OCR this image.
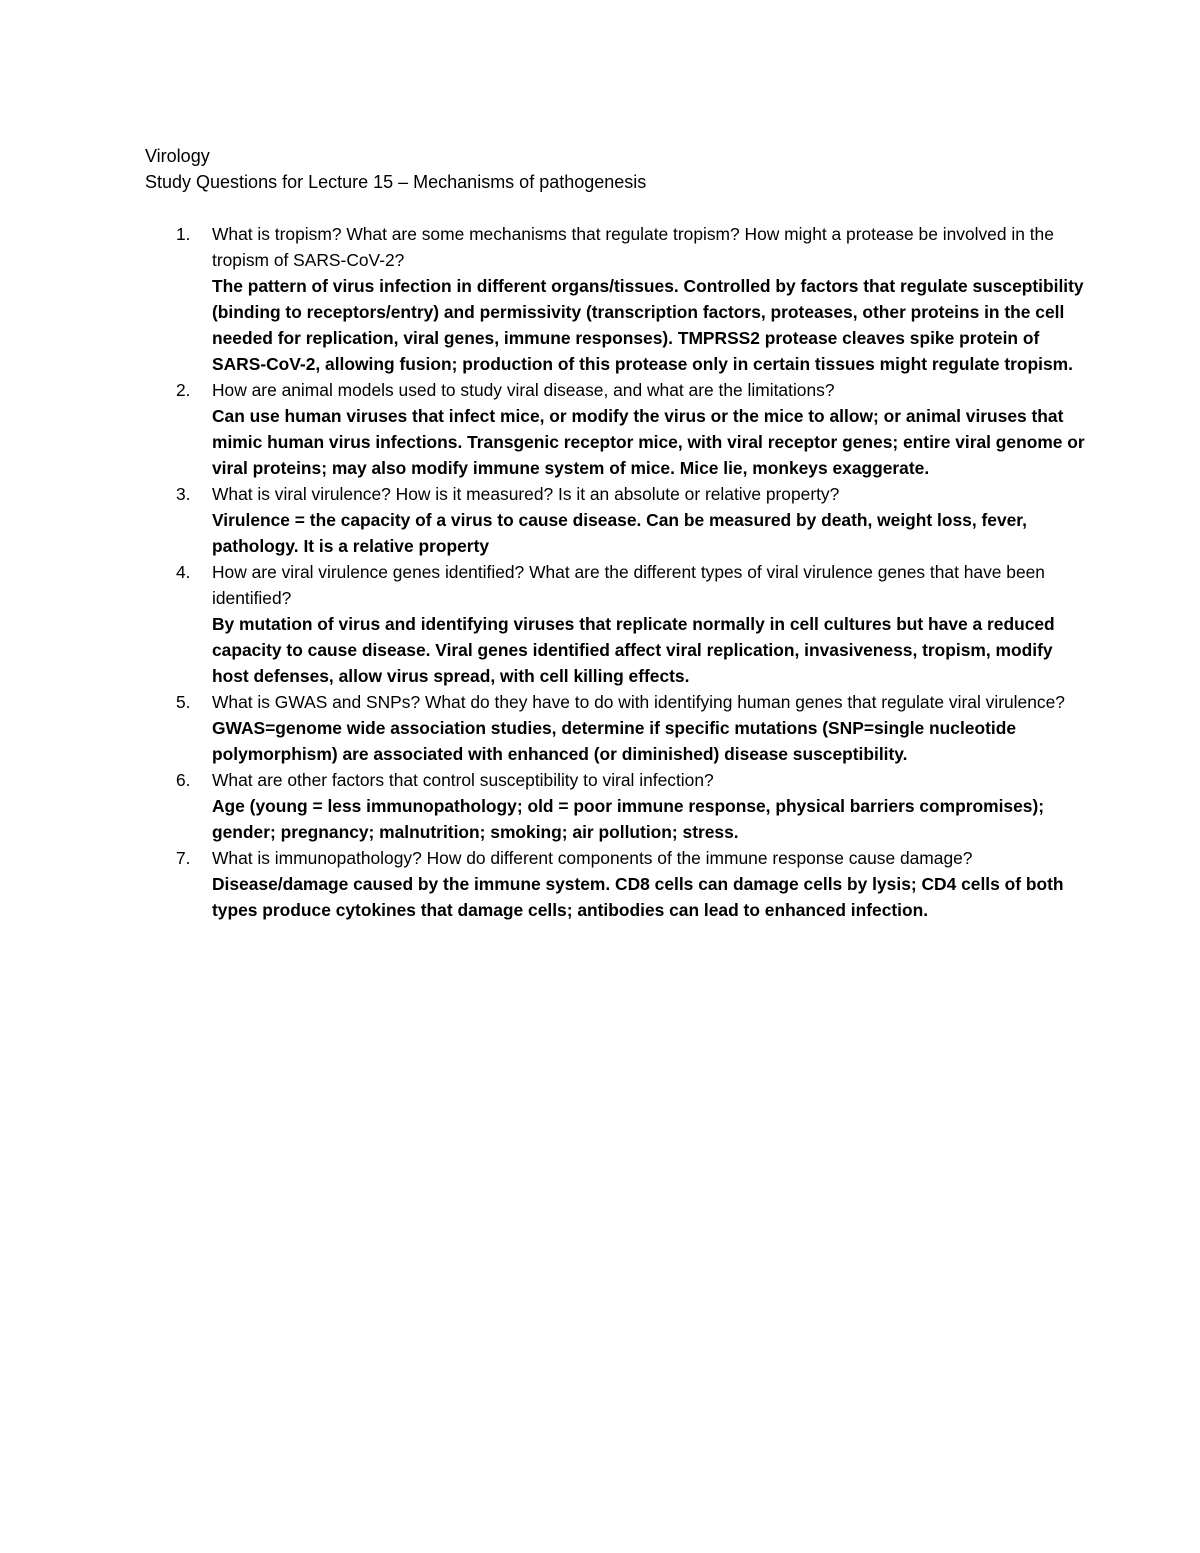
Virology
Study Questions for Lecture 15 – Mechanisms of pathogenesis
1. What is tropism? What are some mechanisms that regulate tropism? How might a protease be involved in the tropism of SARS-CoV-2?
The pattern of virus infection in different organs/tissues. Controlled by factors that regulate susceptibility (binding to receptors/entry) and permissivity (transcription factors, proteases, other proteins in the cell needed for replication, viral genes, immune responses). TMPRSS2 protease cleaves spike protein of SARS-CoV-2, allowing fusion; production of this protease only in certain tissues might regulate tropism.
2. How are animal models used to study viral disease, and what are the limitations?
Can use human viruses that infect mice, or modify the virus or the mice to allow; or animal viruses that mimic human virus infections. Transgenic receptor mice, with viral receptor genes; entire viral genome or viral proteins; may also modify immune system of mice. Mice lie, monkeys exaggerate.
3. What is viral virulence? How is it measured? Is it an absolute or relative property?
Virulence = the capacity of a virus to cause disease. Can be measured by death, weight loss, fever, pathology. It is a relative property
4. How are viral virulence genes identified? What are the different types of viral virulence genes that have been identified?
By mutation of virus and identifying viruses that replicate normally in cell cultures but have a reduced capacity to cause disease. Viral genes identified affect viral replication, invasiveness, tropism, modify host defenses, allow virus spread, with cell killing effects.
5. What is GWAS and SNPs? What do they have to do with identifying human genes that regulate viral virulence?
GWAS=genome wide association studies, determine if specific mutations (SNP=single nucleotide polymorphism) are associated with enhanced (or diminished) disease susceptibility.
6. What are other factors that control susceptibility to viral infection?
Age (young = less immunopathology; old = poor immune response, physical barriers compromises); gender; pregnancy; malnutrition; smoking; air pollution; stress.
7. What is immunopathology? How do different components of the immune response cause damage?
Disease/damage caused by the immune system. CD8 cells can damage cells by lysis; CD4 cells of both types produce cytokines that damage cells; antibodies can lead to enhanced infection.
